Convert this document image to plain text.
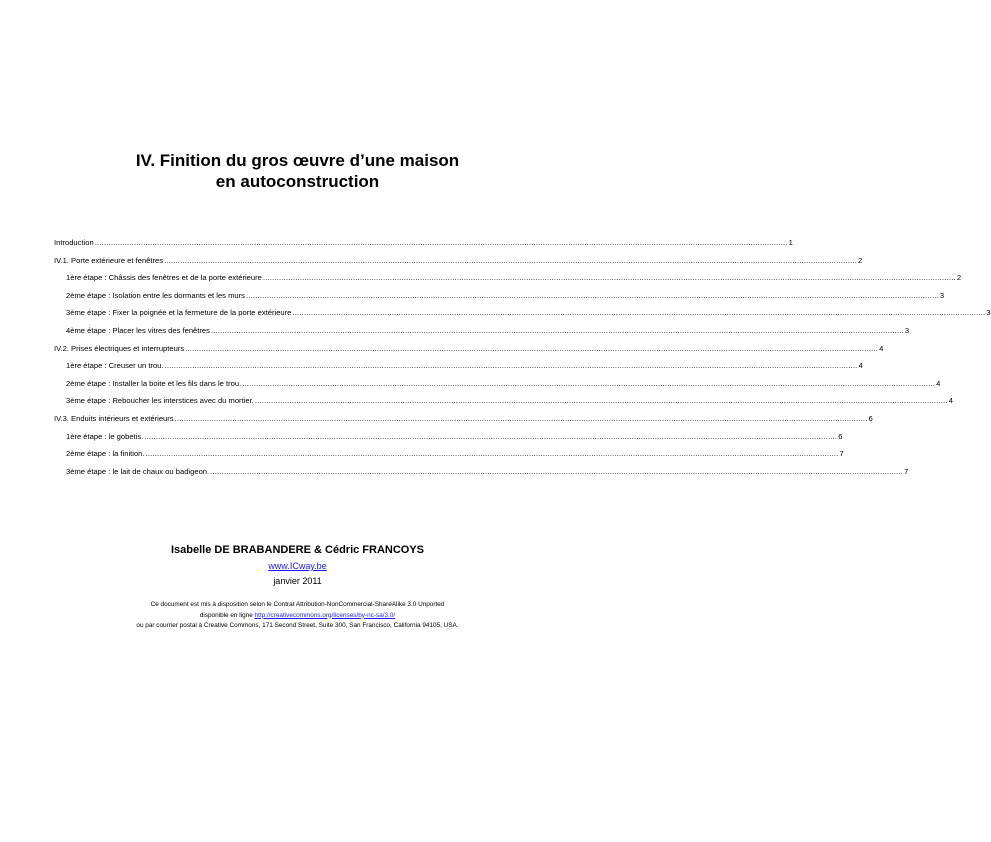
IV. Finition du gros œuvre d’une maison
en autoconstruction
Introduction ............................................................................................................................................................................................................................................................................................................ 1
IV.1. Porte extérieure et fenêtres ............................................................................................................................................................................................................................................................................................................ 2
1ère étape : Châssis des fenêtres et de la porte extérieure ............................................................................................................................................................................................................................................................................................................ 2
2ème étape : Isolation entre les dormants et les murs ............................................................................................................................................................................................................................................................................................................ 3
3ème étape : Fixer la poignée et la fermeture de la porte extérieure ............................................................................................................................................................................................................................................................................................................ 3
4ème étape : Placer les vitres des fenêtres ............................................................................................................................................................................................................................................................................................................ 3
IV.2. Prises électriques et interrupteurs ............................................................................................................................................................................................................................................................................................................ 4
1ère étape : Creuser un trou. ............................................................................................................................................................................................................................................................................................................ 4
2ème étape : Installer la boite et les fils dans le trou. ............................................................................................................................................................................................................................................................................................................ 4
3ème étape : Reboucher les interstices avec du mortier. ............................................................................................................................................................................................................................................................................................................ 4
IV.3. Enduits intérieurs et extérieurs ............................................................................................................................................................................................................................................................................................................ 6
1ère étape : le gobetis. ............................................................................................................................................................................................................................................................................................................ 6
2ème étape : la finition. ............................................................................................................................................................................................................................................................................................................ 7
3ème étape : le lait de chaux ou badigeon. ............................................................................................................................................................................................................................................................................................................ 7
Isabelle DE BRABANDERE & Cédric FRANCOYS
www.ICway.be
janvier 2011
Ce document est mis à disposition selon le Contrat Attribution-NonCommercial-ShareAlike 3.0 Unported
disponible en ligne http://creativecommons.org/licenses/by-nc-sa/3.0/
ou par courrier postal à Creative Commons, 171 Second Street, Suite 300, San Francisco, California 94105, USA.
